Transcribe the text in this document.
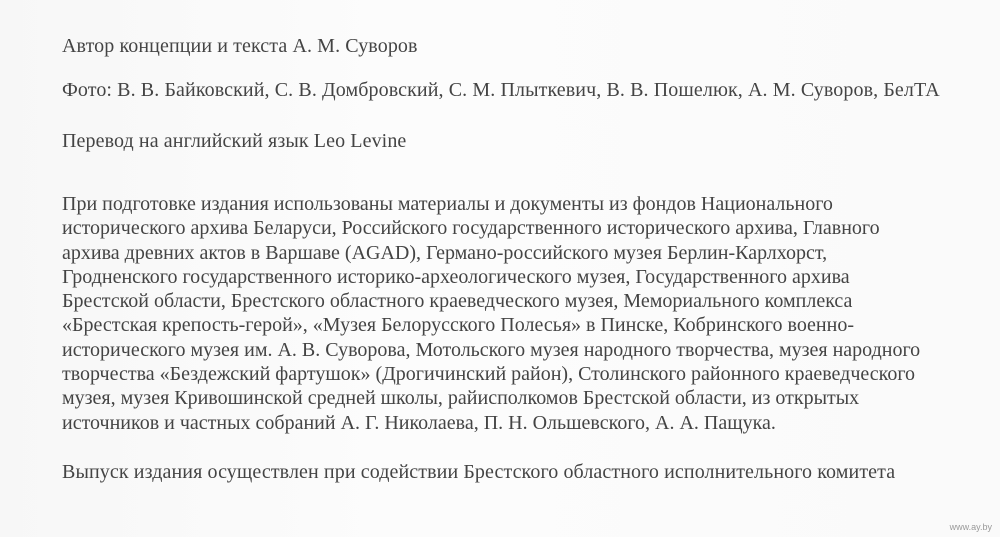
Автор концепции и текста А. М. Суворов
Фото: В. В. Байковский, С. В. Домбровский, С. М. Плыткевич, В. В. Пошелюк, А. М. Суворов, БелТА
Перевод на английский язык Leo Levine
При подготовке издания использованы материалы и документы из фондов Национального
исторического архива Беларуси, Российского государственного исторического архива, Главного
архива древних актов в Варшаве (AGAD), Германо-российского музея Берлин-Карлхорст,
Гродненского государственного историко-археологического музея, Государственного архива
Брестской области, Брестского областного краеведческого музея, Мемориального комплекса
«Брестская крепость-герой», «Музея Белорусского Полесья» в Пинске, Кобринского военно-
исторического музея им. А. В. Суворова, Мотольского музея народного творчества, музея народного
творчества «Бездежский фартушок» (Дрогичинский район), Столинского районного краеведческого
музея, музея Кривошинской средней школы, райисполкомов Брестской области, из открытых
источников и частных собраний А. Г. Николаева, П. Н. Ольшевского, А. А. Пащука.
Выпуск издания осуществлен при содействии Брестского областного исполнительного комитета
www.ay.by
